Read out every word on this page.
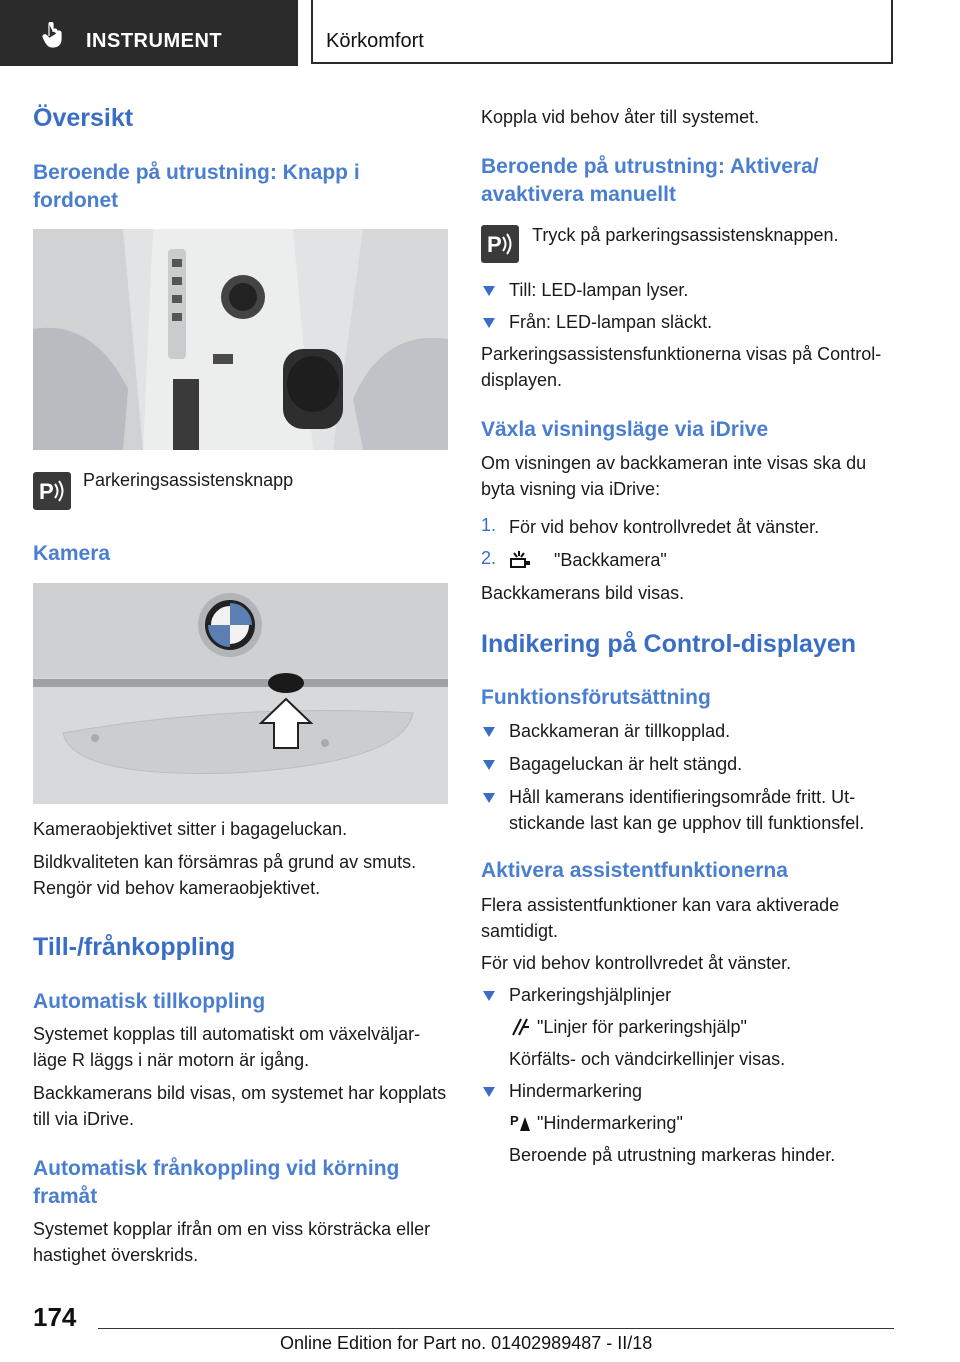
INSTRUMENT	Körkomfort
Översikt
Beroende på utrustning: Knapp i fordonet
P Parkeringsassistensknapp
Kamera
Kameraobjektivet sitter i bagageluckan.
Bildkvaliteten kan försämras på grund av smuts. Rengör vid behov kameraobjektivet.
Till-/frånkoppling
Automatisk tillkoppling
Systemet kopplas till automatiskt om växelväljarläge R läggs i när motorn är igång.
Backkamerans bild visas, om systemet har kopplats till via iDrive.
Automatisk frånkoppling vid körning framåt
Systemet kopplar ifrån om en viss körsträcka eller hastighet överskrids.
Koppla vid behov åter till systemet.
Beroende på utrustning: Aktivera/ avaktivera manuellt
P Tryck på parkeringsassistensknappen.
Till: LED-lampan lyser.
Från: LED-lampan släckt.
Parkeringsassistensfunktionerna visas på Control-displayen.
Växla visningsläge via iDrive
Om visningen av backkameran inte visas ska du byta visning via iDrive:
1. För vid behov kontrollvredet åt vänster.
2.	"Backkamera"
Backkamerans bild visas.
Indikering på Control-displayen
Funktionsförutsättning
Backkameran är tillkopplad.
Bagageluckan är helt stängd.
Håll kamerans identifieringsområde fritt. Utstickande last kan ge upphov till funktionsfel.
Aktivera assistentfunktionerna
Flera assistentfunktioner kan vara aktiverade samtidigt.
För vid behov kontrollvredet åt vänster.
Parkeringshjälplinjer
"Linjer för parkeringshjälp"
Körfälts- och vändcirkellinjer visas.
Hindermarkering
P "Hindermarkering"
Beroende på utrustning markeras hinder.
174
Online Edition for Part no. 01402989487 - II/18
